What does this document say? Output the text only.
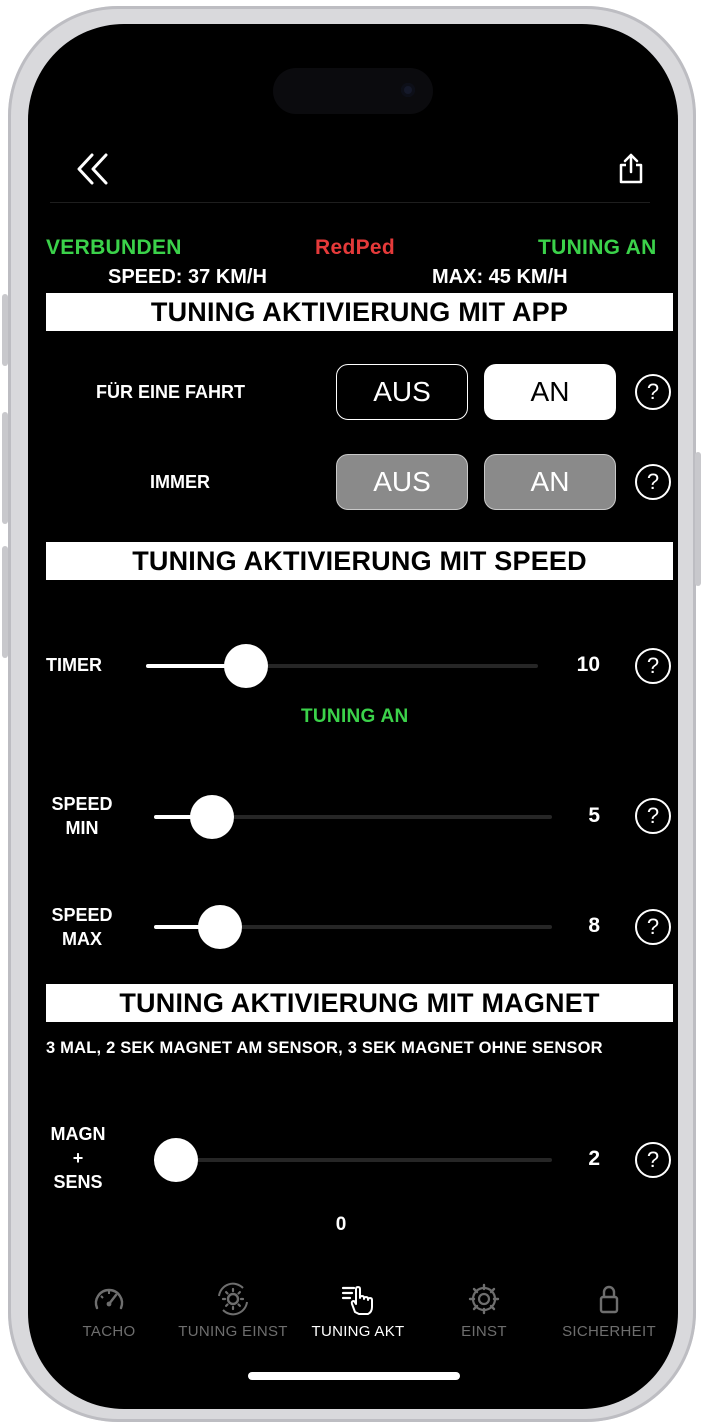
VERBUNDEN	RedPed	TUNING AN
SPEED: 37 KM/H	MAX: 45 KM/H
TUNING AKTIVIERUNG MIT APP
FÜR EINE FAHRT	AUS	AN	?
IMMER	AUS	AN	?
TUNING AKTIVIERUNG MIT SPEED
TIMER	10	?
TUNING AN
SPEED
MIN
5	?
SPEED
MAX
8	?
TUNING AKTIVIERUNG MIT MAGNET
3 MAL, 2 SEK MAGNET AM SENSOR, 3 SEK MAGNET OHNE SENSOR
MAGN
+
SENS
2	?
0
TACHO	TUNING EINST	TUNING AKT	EINST	SICHERHEIT
